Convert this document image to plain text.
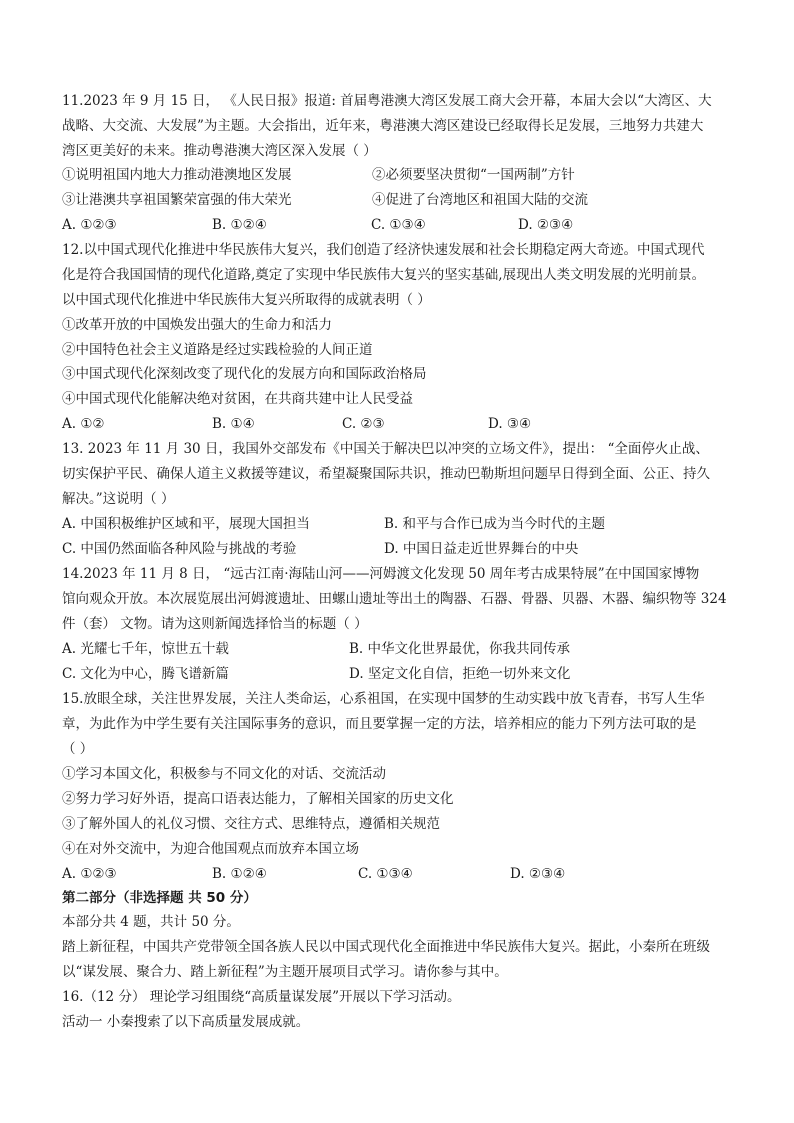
11.2023 年 9 月 15 日， 《人民日报》报道: 首届粤港澳大湾区发展工商大会开幕，本届大会以“大湾区、大
战略、大交流、大发展”为主题。大会指出，近年来，粤港澳大湾区建设已经取得长足发展，三地努力共建大
湾区更美好的未来。推动粤港澳大湾区深入发展（ ）
①说明祖国内地大力推动港澳地区发展	②必须要坚决贯彻“一国两制”方针
③让港澳共享祖国繁荣富强的伟大荣光	④促进了台湾地区和祖国大陆的交流
A. ①②③	B. ①②④	C. ①③④	D. ②③④
12.以中国式现代化推进中华民族伟大复兴，我们创造了经济快速发展和社会长期稳定两大奇迹。中国式现代
化是符合我国国情的现代化道路,奠定了实现中华民族伟大复兴的坚实基础,展现出人类文明发展的光明前景。
以中国式现代化推进中华民族伟大复兴所取得的成就表明（ ）
①改革开放的中国焕发出强大的生命力和活力
②中国特色社会主义道路是经过实践检验的人间正道
③中国式现代化深刻改变了现代化的发展方向和国际政治格局
④中国式现代化能解决绝对贫困，在共商共建中让人民受益
A. ①②	B. ①④	C. ②③	D. ③④
13. 2023 年 11 月 30 日，我国外交部发布《中国关于解决巴以冲突的立场文件》，提出： “全面停火止战、
切实保护平民、确保人道主义救援等建议，希望凝聚国际共识，推动巴勒斯坦问题早日得到全面、公正、持久
解决。”这说明（ ）
A. 中国积极维护区域和平，展现大国担当	B. 和平与合作已成为当今时代的主题
C. 中国仍然面临各种风险与挑战的考验	D. 中国日益走近世界舞台的中央
14.2023 年 11 月 8 日， “远古江南·海陆山河——河姆渡文化发现 50 周年考古成果特展”在中国国家博物
馆向观众开放。本次展览展出河姆渡遗址、田螺山遗址等出土的陶器、石器、骨器、贝器、木器、编织物等 324
件（套） 文物。请为这则新闻选择恰当的标题（ ）
A. 光耀七千年，惊世五十载	B. 中华文化世界最优，你我共同传承
C. 文化为中心，腾飞谱新篇	D. 坚定文化自信，拒绝一切外来文化
15.放眼全球，关注世界发展，关注人类命运，心系祖国，在实现中国梦的生动实践中放飞青春，书写人生华
章，为此作为中学生要有关注国际事务的意识，而且要掌握一定的方法，培养相应的能力下列方法可取的是
（ ）
①学习本国文化，积极参与不同文化的对话、交流活动
②努力学习好外语，提高口语表达能力，了解相关国家的历史文化
③了解外国人的礼仪习惯、交往方式、思维特点，遵循相关规范
④在对外交流中，为迎合他国观点而放弃本国立场
A. ①②③	B. ①②④	C. ①③④	D. ②③④
第二部分（非选择题 共 50 分）
本部分共 4 题，共计 50 分。
踏上新征程，中国共产党带领全国各族人民以中国式现代化全面推进中华民族伟大复兴。据此，小秦所在班级
以“谋发展、聚合力、踏上新征程”为主题开展项目式学习。请你参与其中。
16.（12 分） 理论学习组围绕“高质量谋发展”开展以下学习活动。
活动一 小秦搜索了以下高质量发展成就。
